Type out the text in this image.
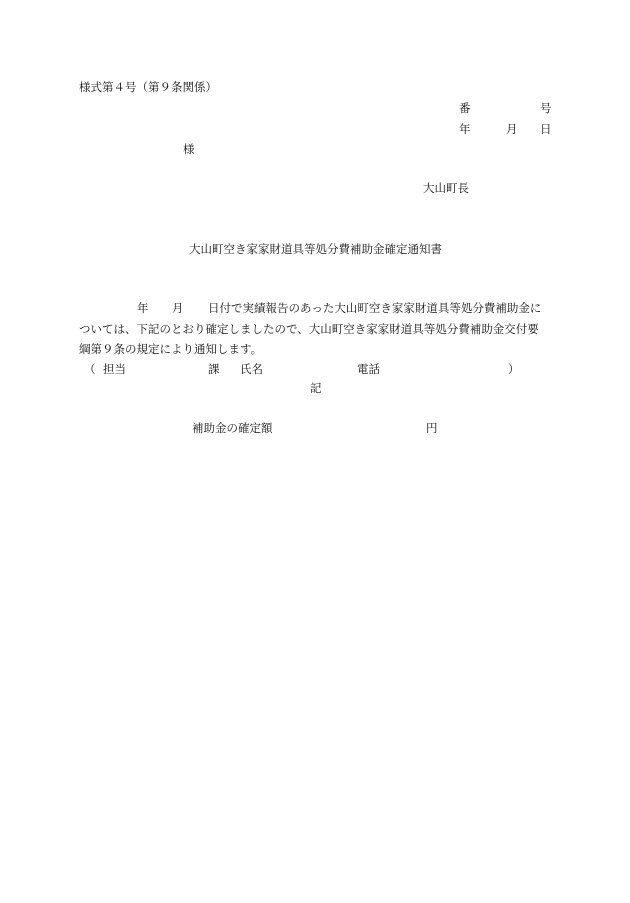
様式第４号（第９条関係）
番	号
年	月 日
様
大山町長
大山町空き家家財道具等処分費補助金確定通知書
年 月 日付で実績報告のあった大山町空き家家財道具等処分費補助金に
ついては、下記のとおり確定しましたので、大山町空き家家財道具等処分費補助金交付要
綱第９条の規定により通知します。
（ 担当	課 氏名	電話	）
記
補助金の確定額	円
